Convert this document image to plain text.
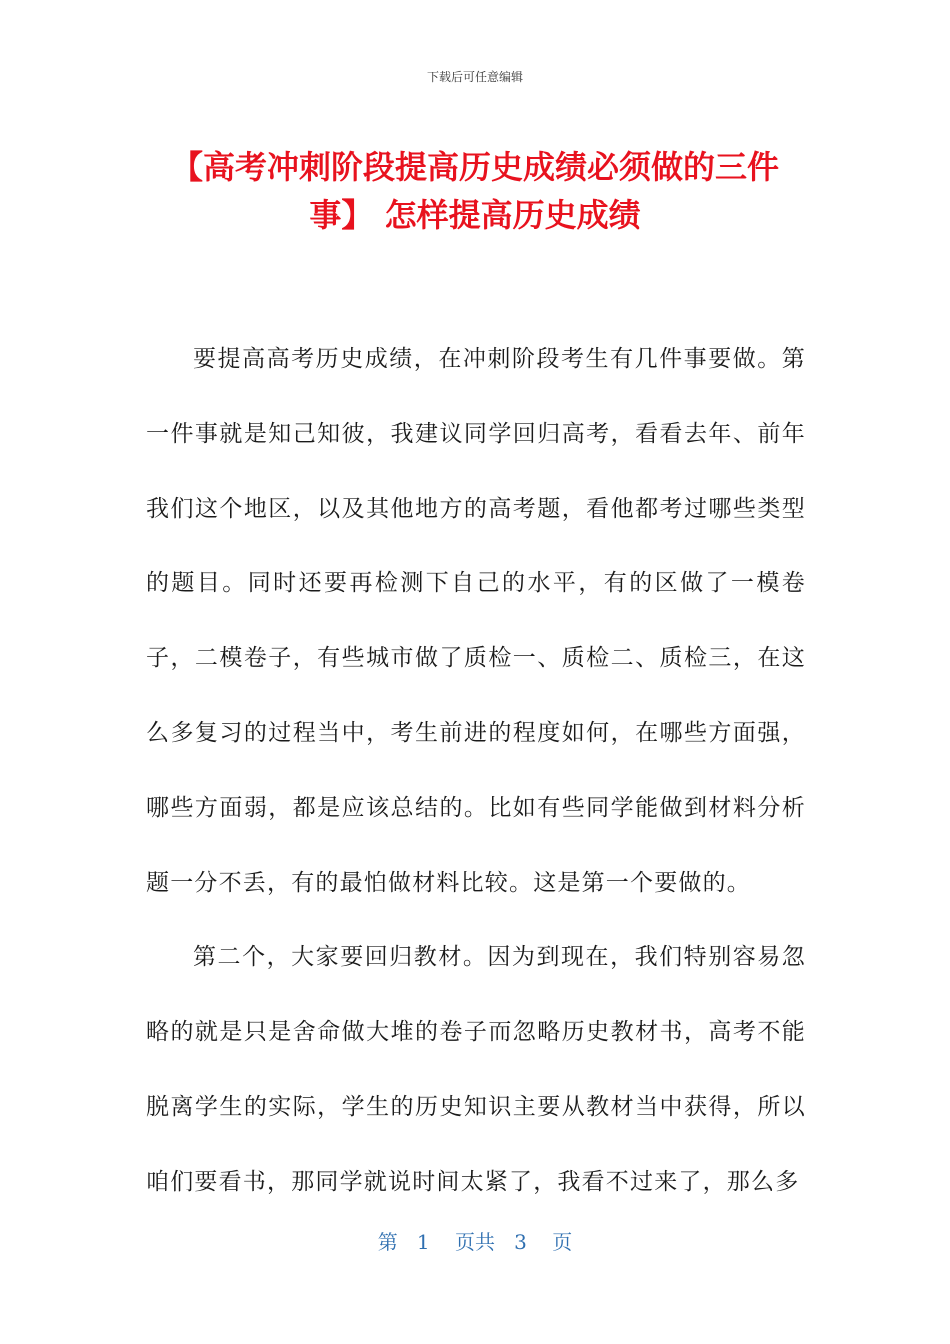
下载后可任意编辑
【高考冲刺阶段提高历史成绩必须做的三件事】 怎样提高历史成绩

要提高高考历史成绩，在冲刺阶段考生有几件事要做。第一件事就是知己知彼，我建议同学回归高考，看看去年、前年我们这个地区，以及其他地方的高考题，看他都考过哪些类型的题目。同时还要再检测下自己的水平，有的区做了一模卷子，二模卷子，有些城市做了质检一、质检二、质检三，在这么多复习的过程当中，考生前进的程度如何，在哪些方面强，哪些方面弱，都是应该总结的。比如有些同学能做到材料分析题一分不丢，有的最怕做材料比较。这是第一个要做的。

第二个，大家要回归教材。因为到现在，我们特别容易忽略的就是只是舍命做大堆的卷子而忽略历史教材书，高考不能脱离学生的实际，学生的历史知识主要从教材当中获得，所以咱们要看书，那同学就说时间太紧了，我看不过来了，那么多

第 1 页共 3 页
